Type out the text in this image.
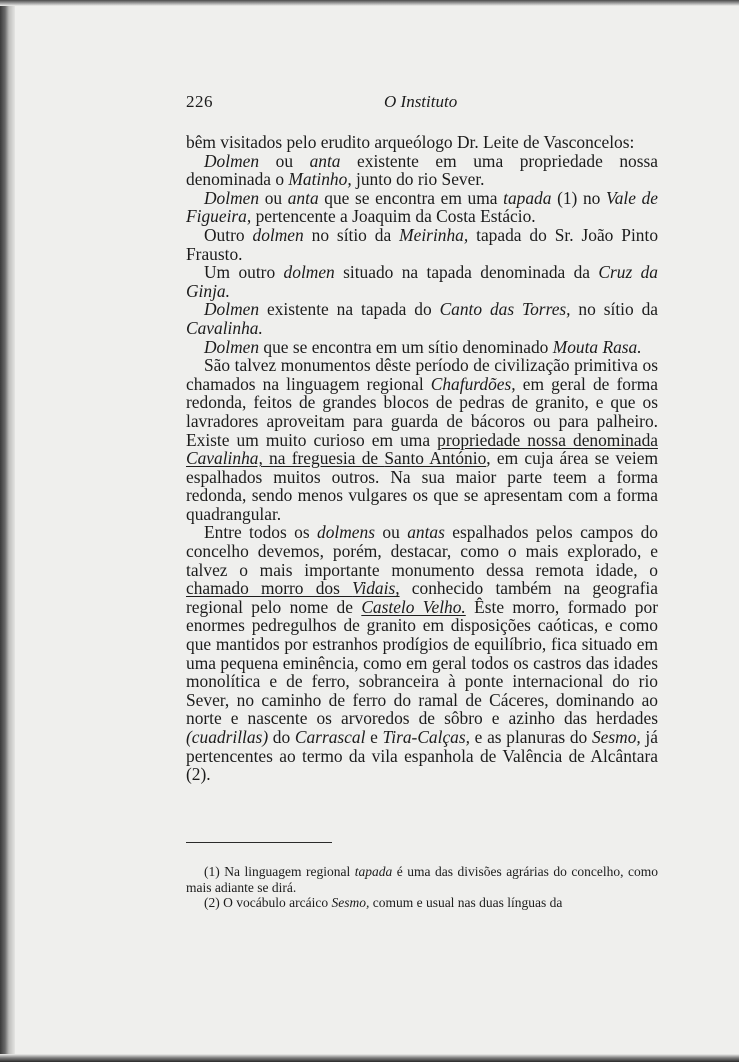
226	O Instituto

bêm visitados pelo erudito arqueólogo Dr. Leite de Vasconcelos:

Dolmen ou anta existente em uma propriedade nossa denominada o Matinho, junto do rio Sever.

Dolmen ou anta que se encontra em uma tapada (1) no Vale de Figueira, pertencente a Joaquim da Costa Estácio.

Outro dolmen no sítio da Meirinha, tapada do Sr. João Pinto Frausto.

Um outro dolmen situado na tapada denominada da Cruz da Ginja.

Dolmen existente na tapada do Canto das Torres, no sítio da Cavalinha.

Dolmen que se encontra em um sítio denominado Mouta Rasa.

São talvez monumentos dêste período de civilização primitiva os chamados na linguagem regional Chafurdões, em geral de forma redonda, feitos de grandes blocos de pedras de granito, e que os lavradores aproveitam para guarda de bácoros ou para palheiro. Existe um muito curioso em uma propriedade nossa denominada Cavalinha, na freguesia de Santo António, em cuja área se veiem espalhados muitos outros. Na sua maior parte teem a forma redonda, sendo menos vulgares os que se apresentam com a forma quadrangular.

Entre todos os dolmens ou antas espalhados pelos campos do concelho devemos, porém, destacar, como o mais explorado, e talvez o mais importante monumento dessa remota idade, o chamado morro dos Vidais, conhecido também na geografia regional pelo nome de Castelo Velho. Êste morro, formado por enormes pedregulhos de granito em disposições caóticas, e como que mantidos por estranhos prodígios de equilíbrio, fica situado em uma pequena eminência, como em geral todos os castros das idades monolítica e de ferro, sobranceira à ponte internacional do rio Sever, no caminho de ferro do ramal de Cáceres, dominando ao norte e nascente os arvoredos de sôbro e azinho das herdades (cuadrillas) do Carrascal e Tira-Calças, e as planuras do Sesmo, já pertencentes ao termo da vila espanhola de Valência de Alcântara (2).

(1) Na linguagem regional tapada é uma das divisões agrárias do concelho, como mais adiante se dirá.

(2) O vocábulo arcáico Sesmo, comum e usual nas duas línguas da
